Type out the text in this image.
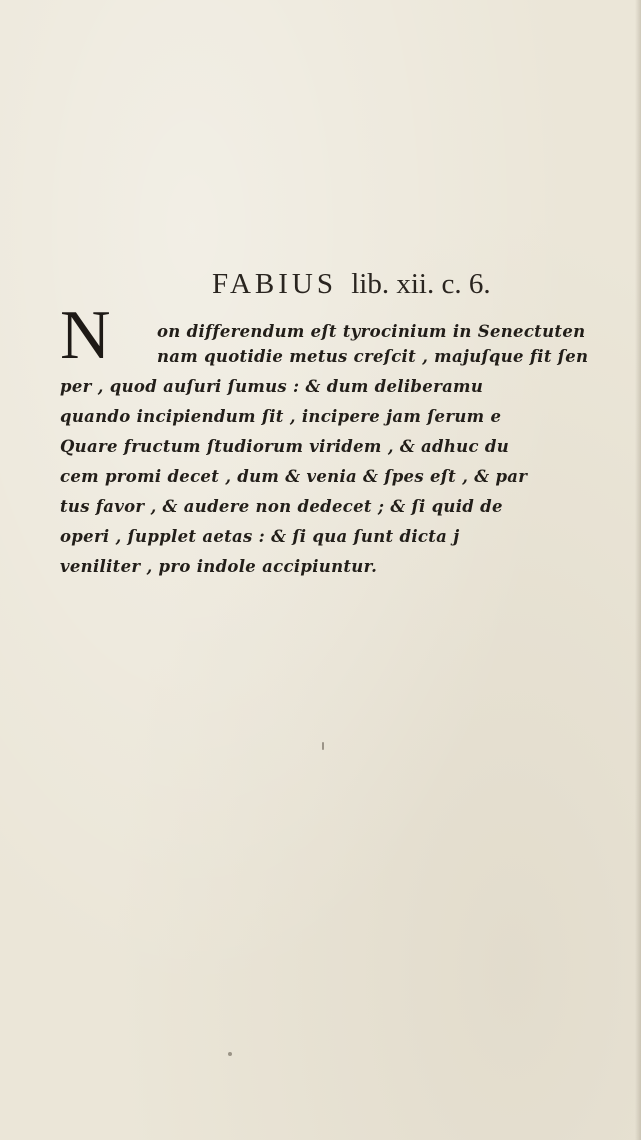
FABIUS lib. xii. c. 6.
N	on differendum eſt tyrocinium in Senectuten
nam quotidie metus creſcit , majuſque fit ſen
per , quod auſuri ſumus : & dum deliberamu
quando incipiendum ſit , incipere jam ſerum e
Quare fructum ſtudiorum viridem , & adhuc du
cem promi decet , dum & venia & ſpes eſt , & par
tus favor , & audere non dedecet ; & ſi quid de
operi , ſupplet aetas : & ſi qua ſunt dicta j
veniliter , pro indole accipiuntur.
